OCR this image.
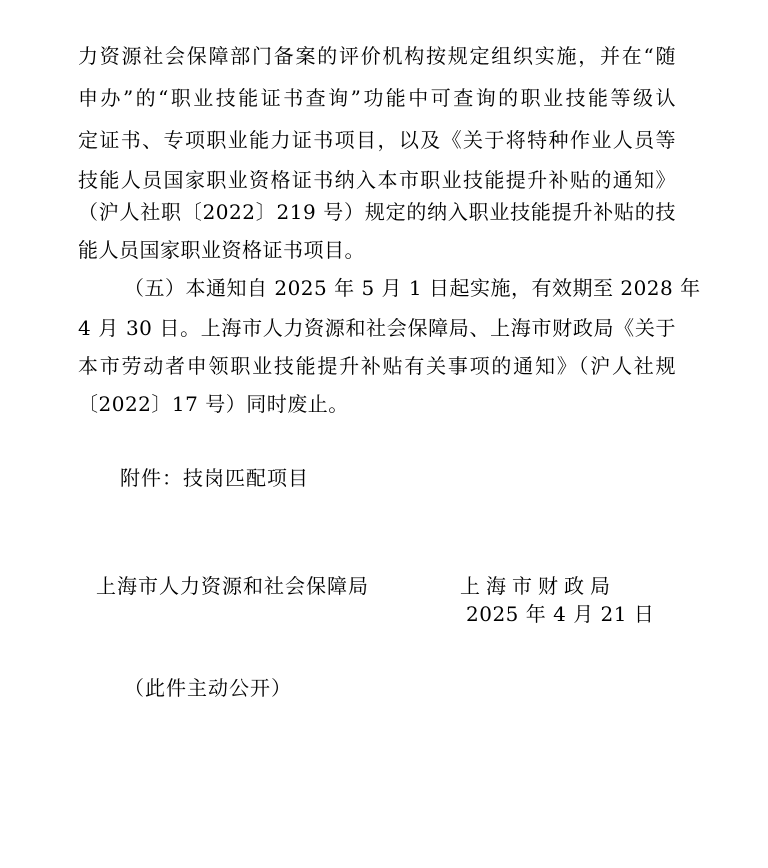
力资源社会保障部门备案的评价机构按规定组织实施，并在“随
申办”的“职业技能证书查询”功能中可查询的职业技能等级认
定证书、专项职业能力证书项目，以及《关于将特种作业人员等
技能人员国家职业资格证书纳入本市职业技能提升补贴的通知》
（沪人社职〔2022〕219 号）规定的纳入职业技能提升补贴的技
能人员国家职业资格证书项目。
（五）本通知自 2025 年 5 月 1 日起实施，有效期至 2028 年
4 月 30 日。上海市人力资源和社会保障局、上海市财政局《关于
本市劳动者申领职业技能提升补贴有关事项的通知》（沪人社规
〔2022〕17 号）同时废止。
附件：技岗匹配项目
上海市人力资源和社会保障局	上海市财政局
2025 年 4 月 21 日
（此件主动公开）
